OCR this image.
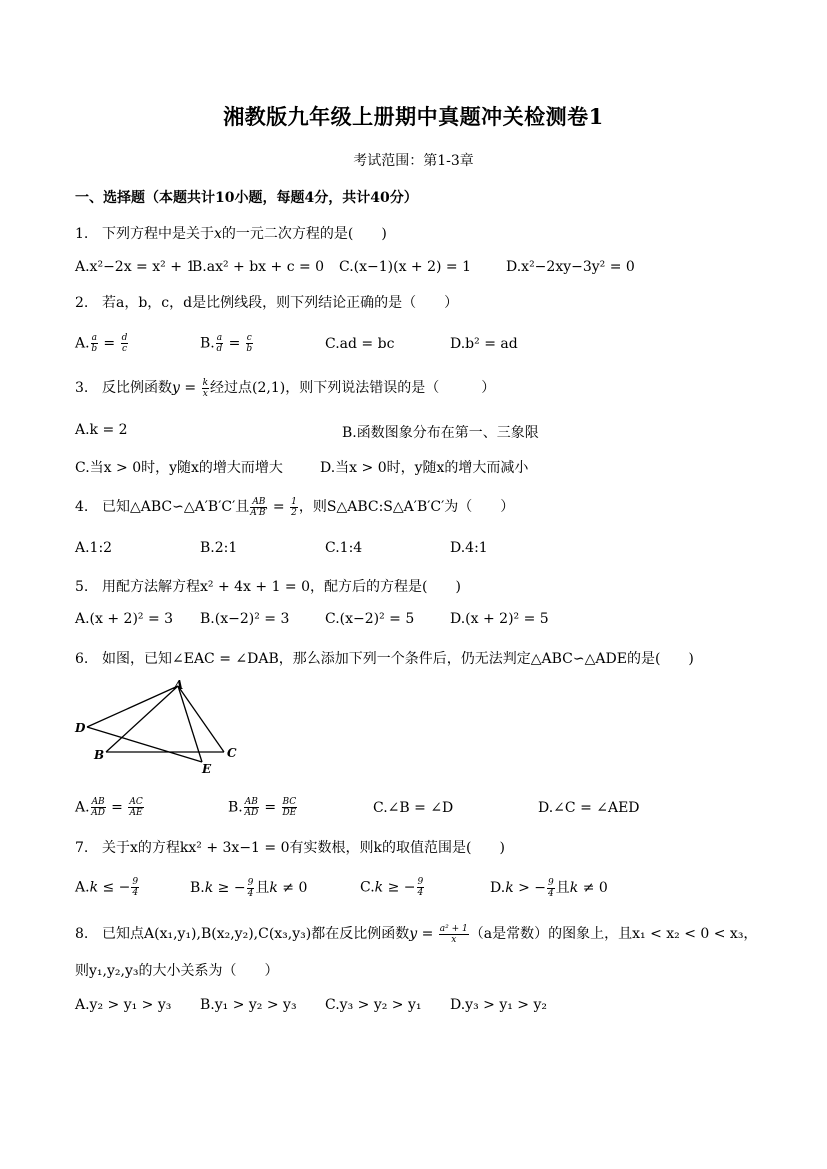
湘教版九年级上册期中真题冲关检测卷1
考试范围：第1-3章
一、选择题（本题共计10小题，每题4分，共计40分）
1. 下列方程中是关于x的一元二次方程的是(　　)
A.x²−2x = x² + 1
B.ax² + bx + c = 0 C.(x−1)(x + 2) = 1 D.x²−2xy−3y² = 0
2. 若a，b，c，d是比例线段，则下列结论正确的是（　　）
A. $\frac{a}{b} = \frac{d}{c}$	B. $\frac{a}{d} = \frac{c}{b}$	C.ad = bc	D.b² = ad
3. 反比例函数$y = \frac{k}{x}$ 经过点(2,1)，则下列说法错误的是（　　　）
A.k = 2	B.函数图象分布在第一、三象限
C.当x > 0时，y随x的增大而增大	D.当x > 0时，y随x的增大而减小
4. 已知△ABC∽△A′B′C′且 $\frac{AB}{A'B'} = \frac{1}{2}$ ，则S△ABC:S△A′B′C′为（　　）
A.1:2	B.2:1	C.1:4	D.4:1
5. 用配方法解方程x² + 4x + 1 = 0，配方后的方程是(　　)
A.(x + 2)² = 3 B.(x−2)² = 3	C.(x−2)² = 5	D.(x + 2)² = 5
6. 如图，已知∠EAC = ∠DAB，那么添加下列一个条件后，仍无法判定△ABC∽△ADE的是(　　)
A
D
B	C
E
A. $\frac{AB}{AD} = \frac{AC}{AE}$	B. $\frac{AB}{AD} = \frac{BC}{DE}$	C.∠B = ∠D	D.∠C = ∠AED
7. 关于x的方程kx² + 3x−1 = 0有实数根，则k的取值范围是(　　)
A.k ≤ − $\frac{9}{4}$	B.k ≥ − $\frac{9}{4}$ 且k ≠ 0	C.k ≥ − $\frac{9}{4}$	D.k > − $\frac{9}{4}$ 且k ≠ 0
8. 已知点A(x₁,y₁),B(x₂,y₂),C(x₃,y₃)都在反比例函数$y = \frac{\text{a² + 1}}{x} (a$是常数）的图象上，且x₁ < x₂ < 0 < x₃，
则y₁,y₂,y₃的大小关系为（　　）
A.y₂ > y₁ > y₃ B.y₁ > y₂ > y₃ C.y₃ > y₂ > y₁ D.y₃ > y₁ > y₂
